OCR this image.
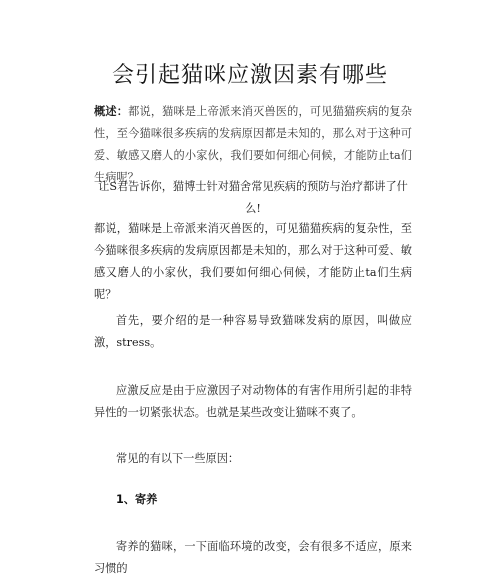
会引起猫咪应激因素有哪些
概述：都说，猫咪是上帝派来消灭兽医的，可见猫猫疾病的复杂性，至今猫咪很多疾病的发病原因都是未知的，那么对于这种可爱、敏感又磨人的小家伙，我们要如何细心伺候，才能防止ta们生病呢？
让S君告诉你，猫博士针对猫舍常见疾病的预防与治疗都讲了什么!
都说，猫咪是上帝派来消灭兽医的，可见猫猫疾病的复杂性，至今猫咪很多疾病的发病原因都是未知的，那么对于这种可爱、敏感又磨人的小家伙，我们要如何细心伺候，才能防止ta们生病呢？
首先，要介绍的是一种容易导致猫咪发病的原因，叫做应激，stress。
应激反应是由于应激因子对动物体的有害作用所引起的非特异性的一切紧张状态。也就是某些改变让猫咪不爽了。
常见的有以下一些原因：
1、寄养
寄养的猫咪，一下面临环境的改变，会有很多不适应，原来习惯的
